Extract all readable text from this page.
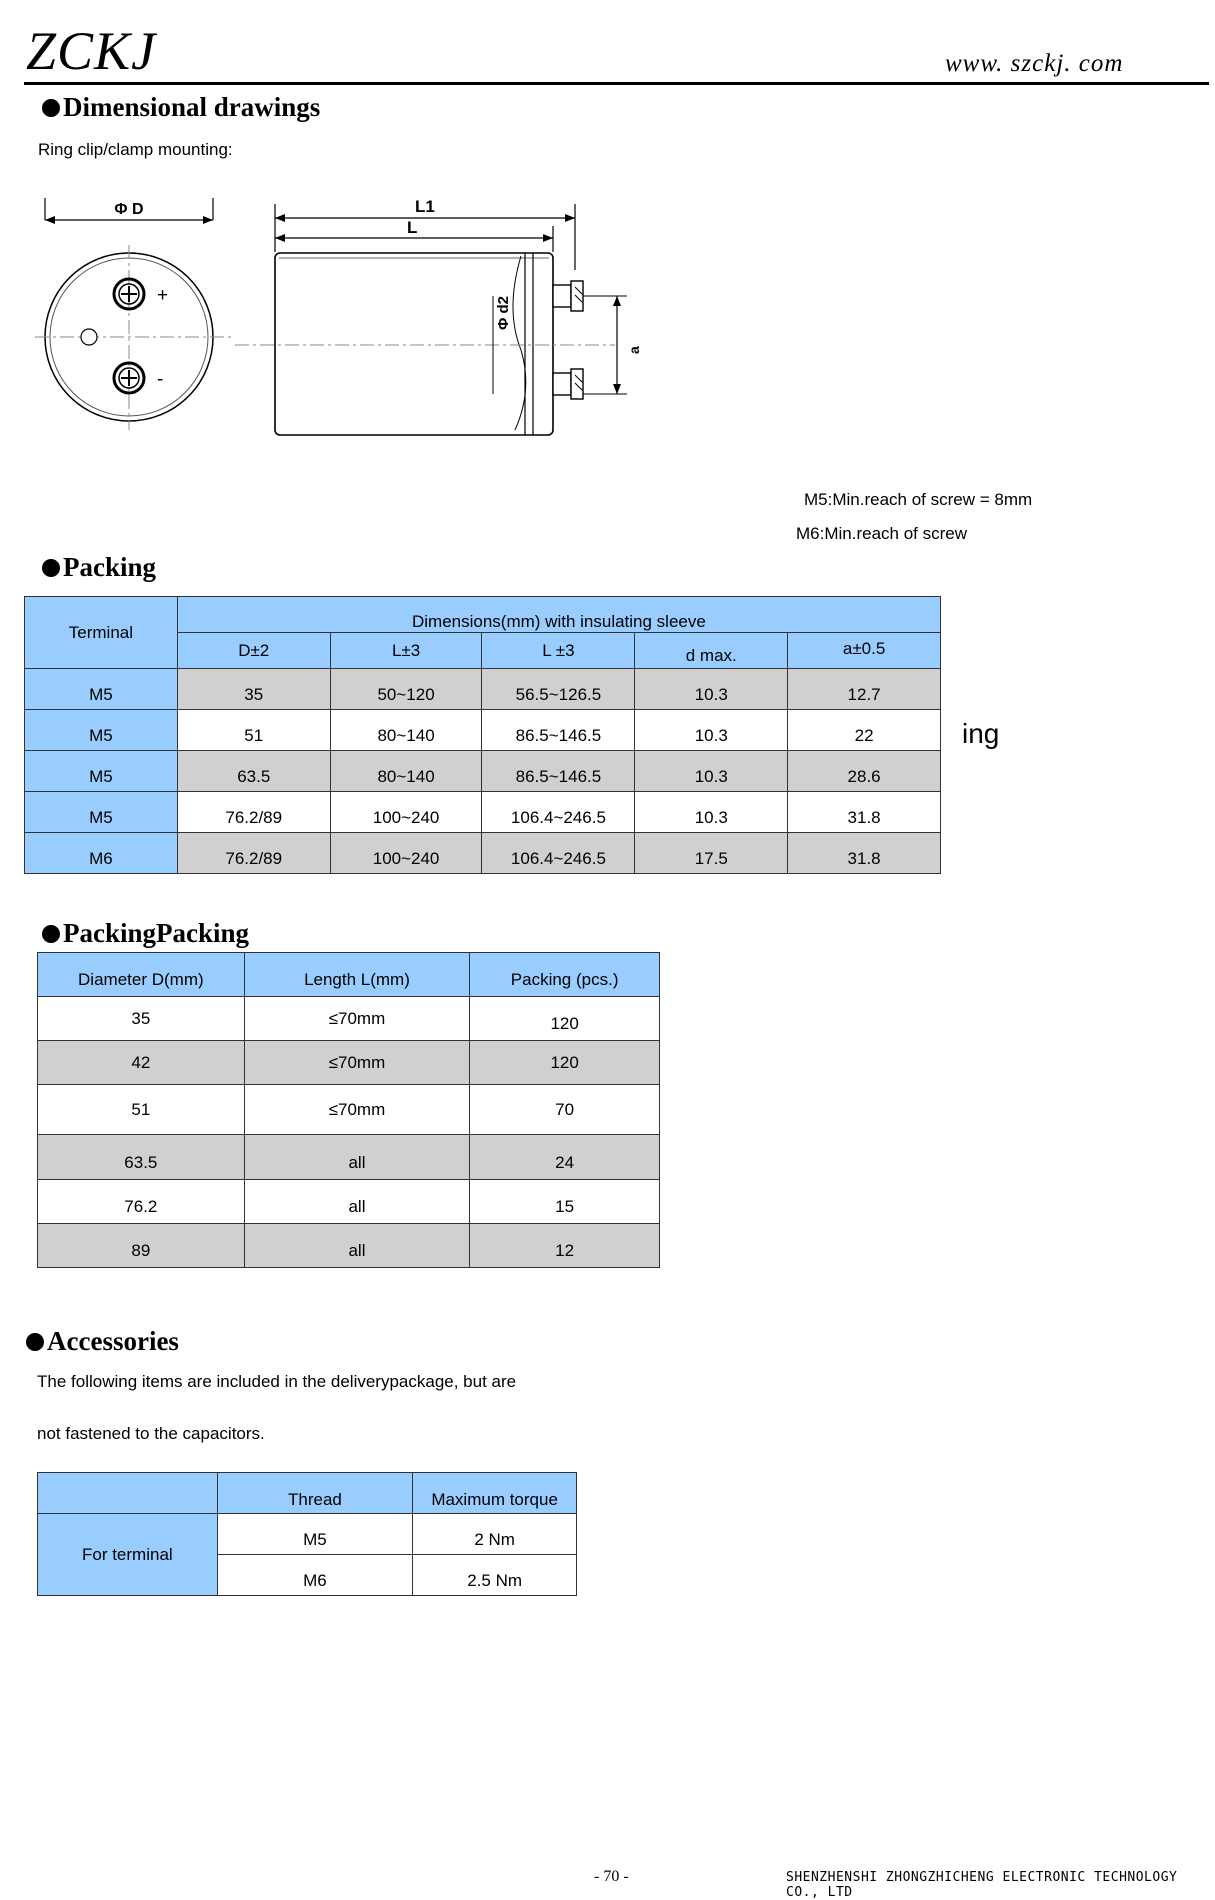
ZCKJ	www. szckj. com
Dimensional drawings
Ring clip/clamp mounting:
Φ D
+
-
L1
L
Φ d2
a
M5:Min.reach of screw = 8mm
M6:Min.reach of screw
Packing
Terminal	Dimensions(mm) with insulating sleeve				
	D±2	L±3	L ±3	d max.	a±0.5
M5	35	50~120	56.5~126.5	10.3	12.7
M5	51	80~140	86.5~146.5	10.3	22
M5	63.5	80~140	86.5~146.5	10.3	28.6
M5	76.2/89	100~240	106.4~246.5	10.3	31.8
M6	76.2/89	100~240	106.4~246.5	17.5	31.8
ing
PackingPacking
Diameter D(mm)	Length L(mm)	Packing (pcs.)
35	≤70mm	120
42	≤70mm	120
51	≤70mm	70
63.5	all	24
76.2	all	15
89	all	12
Accessories
The following items are included in the deliverypackage, but are
not fastened to the capacitors.
	Thread	Maximum torque
For terminal	M5	2 Nm
	M6	2.5 Nm
- 70 -	SHENZHENSHI ZHONGZHICHENG ELECTRONIC TECHNOLOGY CO., LTD
